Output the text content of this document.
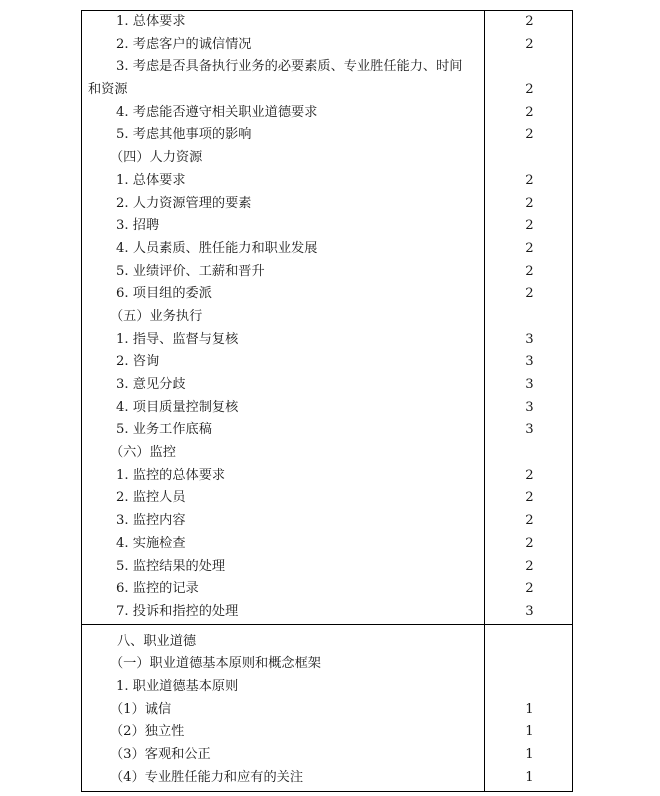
1. 总体要求
2. 考虑客户的诚信情况
3. 考虑是否具备执行业务的必要素质、专业胜任能力、时间
和资源
4. 考虑能否遵守相关职业道德要求
5. 考虑其他事项的影响
（四）人力资源
1. 总体要求
2. 人力资源管理的要素
3. 招聘
4. 人员素质、胜任能力和职业发展
5. 业绩评价、工薪和晋升
6. 项目组的委派
（五）业务执行
1. 指导、监督与复核
2. 咨询
3. 意见分歧
4. 项目质量控制复核
5. 业务工作底稿
（六）监控
1. 监控的总体要求
2. 监控人员
3. 监控内容
4. 实施检查
5. 监控结果的处理
6. 监控的记录
7. 投诉和指控的处理
2
2
2
2
2
2
2
2
2
2
2
3
3
3
3
3
2
2
2
2
2
2
3
八、职业道德
（一）职业道德基本原则和概念框架
1. 职业道德基本原则
（1）诚信
（2）独立性
（3）客观和公正
（4）专业胜任能力和应有的关注
1
1
1
1
